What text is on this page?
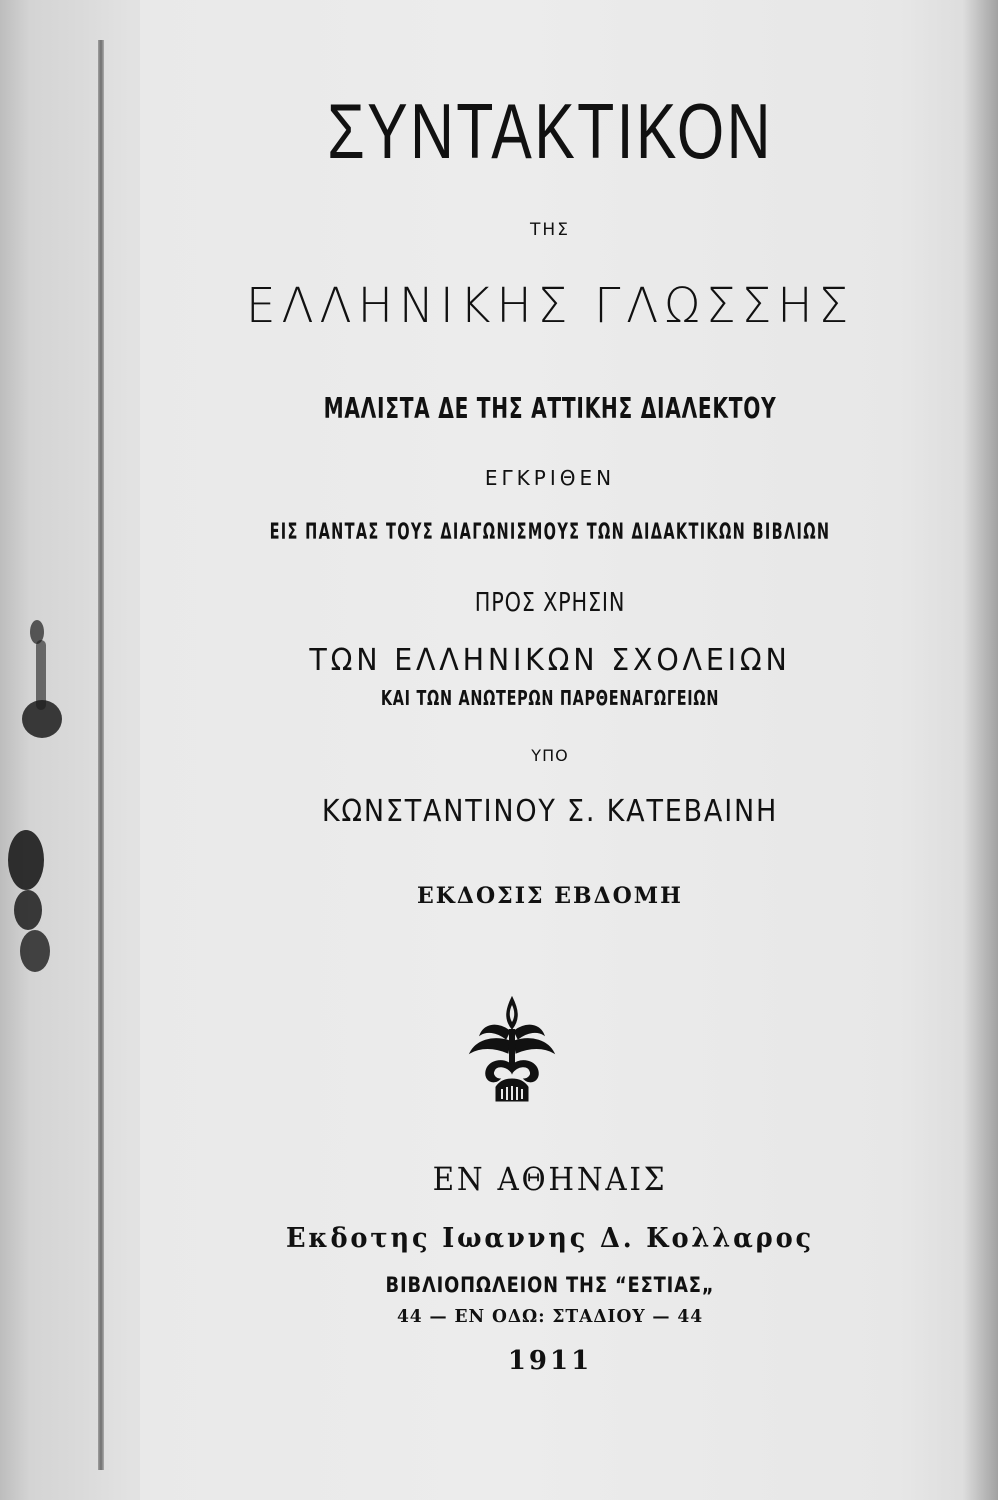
ΣΥΝΤΑΚΤΙΚΟΝ
ΤΗΣ
ΕΛΛΗΝΙΚΗΣ ΓΛΩΣΣΗΣ
ΜΑΛΙΣΤΑ ΔΕ ΤΗΣ ΑΤΤΙΚΗΣ ΔΙΑΛΕΚΤΟΥ
ΕΓΚΡΙΘΕΝ
ΕΙΣ ΠΑΝΤΑΣ ΤΟΥΣ ΔΙΑΓΩΝΙΣΜΟΥΣ ΤΩΝ ΔΙΔΑΚΤΙΚΩΝ ΒΙΒΛΙΩΝ
ΠΡΟΣ ΧΡΗΣΙΝ
ΤΩΝ ΕΛΛΗΝΙΚΩΝ ΣΧΟΛΕΙΩΝ
ΚΑΙ ΤΩΝ ΑΝΩΤΕΡΩΝ ΠΑΡΘΕΝΑΓΩΓΕΙΩΝ
ΥΠΟ
ΚΩΝΣΤΑΝΤΙΝΟΥ Σ. ΚΑΤΕΒΑΙΝΗ
ΕΚΔΟΣΙΣ ΕΒΔΟΜΗ
ΕΝ ΑΘΗΝΑΙΣ
Εκδοτης Ιωαννης Δ. Κολλαρος
ΒΙΒΛΙΟΠΩΛΕΙΟΝ ΤΗΣ “ΕΣΤΙΑΣ„
44 — ΕΝ ΟΔΩ: ΣΤΑΔΙΟΥ — 44
1911
